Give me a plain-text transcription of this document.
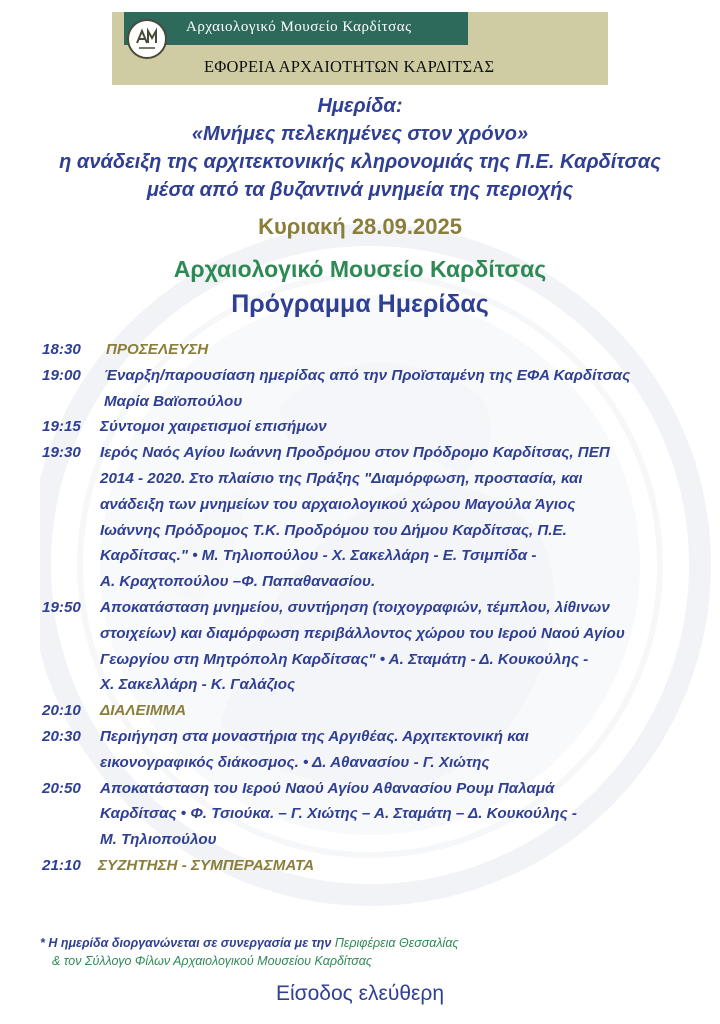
Αρχαιολογικό Μουσείο Καρδίτσας
ΕΦΟΡΕΙΑ ΑΡΧΑΙΟΤΗΤΩΝ ΚΑΡΔΙΤΣΑΣ
Ημερίδα:
«Μνήμες πελεκημένες στον χρόνο»
η ανάδειξη της αρχιτεκτονικής κληρονομιάς της Π.Ε. Καρδίτσας
μέσα από τα βυζαντινά μνημεία της περιοχής
Κυριακή 28.09.2025
Αρχαιολογικό Μουσείο Καρδίτσας
Πρόγραμμα Ημερίδας
18:30 ΠΡΟΣΕΛΕΥΣΗ
19:00 Έναρξη/παρουσίαση ημερίδας από την Προϊσταμένη της ΕΦΑ Καρδίτσας
Μαρία Βαϊοπούλου
19:15 Σύντομοι χαιρετισμοί επισήμων
19:30 Ιερός Ναός Αγίου Ιωάννη Προδρόμου στον Πρόδρομο Καρδίτσας, ΠΕΠ
2014 - 2020. Στο πλαίσιο της Πράξης "Διαμόρφωση, προστασία, και
ανάδειξη των μνημείων του αρχαιολογικού χώρου Μαγούλα Άγιος
Ιωάννης Πρόδρομος Τ.Κ. Προδρόμου του Δήμου Καρδίτσας, Π.Ε.
Καρδίτσας." • Μ. Τηλιοπούλου - Χ. Σακελλάρη - Ε. Τσιμπίδα -
Α. Κραχτοπούλου –Φ. Παπαθανασίου.
19:50 Αποκατάσταση μνημείου, συντήρηση (τοιχογραφιών, τέμπλου, λίθινων
στοιχείων) και διαμόρφωση περιβάλλοντος χώρου του Ιερού Ναού Αγίου
Γεωργίου στη Μητρόπολη Καρδίτσας" • Α. Σταμάτη - Δ. Κουκούλης -
Χ. Σακελλάρη - Κ. Γαλάζιος
20:10 ΔΙΑΛΕΙΜΜΑ
20:30 Περιήγηση στα μοναστήρια της Αργιθέας. Αρχιτεκτονική και
εικονογραφικός διάκοσμος. • Δ. Αθανασίου - Γ. Χιώτης
20:50 Αποκατάσταση του Ιερού Ναού Αγίου Αθανασίου Ρουμ Παλαμά
Καρδίτσας • Φ. Τσιούκα. – Γ. Χιώτης – Α. Σταμάτη – Δ. Κουκούλης -
Μ. Τηλιοπούλου
21:10 ΣΥΖΗΤΗΣΗ - ΣΥΜΠΕΡΑΣΜΑΤΑ
* Η ημερίδα διοργανώνεται σε συνεργασία με την Περιφέρεια Θεσσαλίας
& τον Σύλλογο Φίλων Αρχαιολογικού Μουσείου Καρδίτσας
Είσοδος ελεύθερη
